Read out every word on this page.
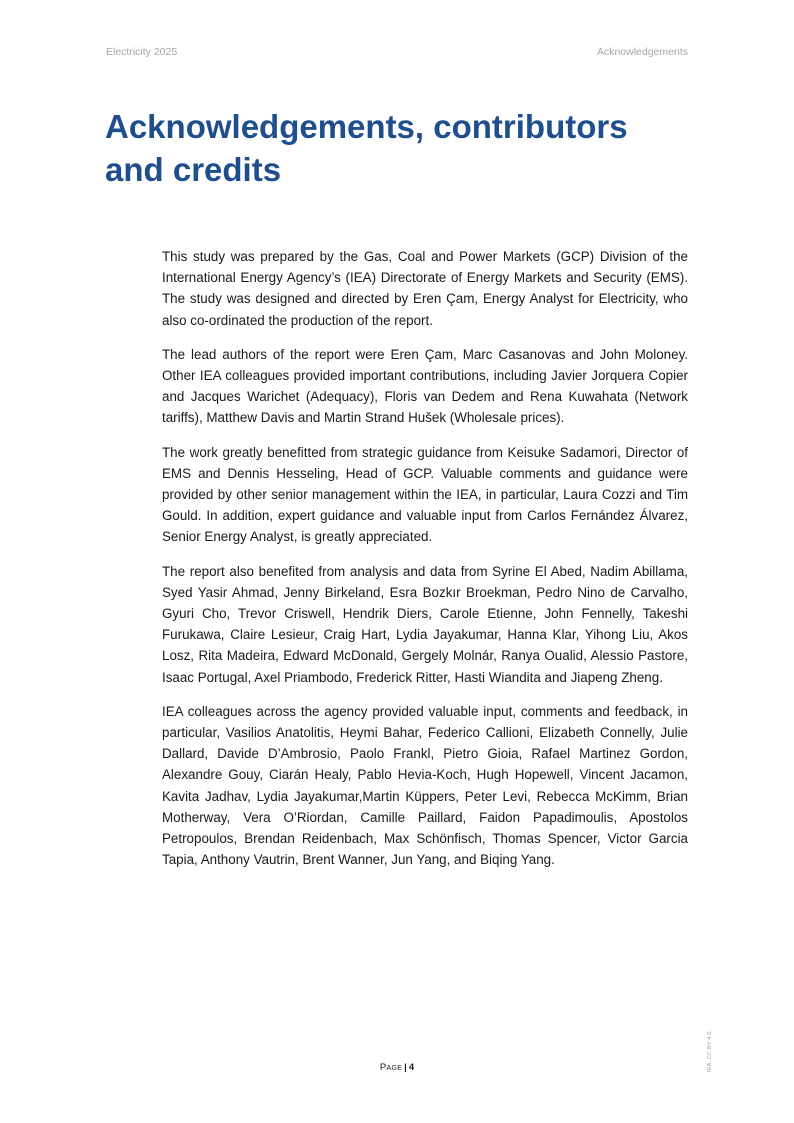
Electricity 2025	Acknowledgements
Acknowledgements, contributors
and credits

This study was prepared by the Gas, Coal and Power Markets (GCP) Division of the International Energy Agency’s (IEA) Directorate of Energy Markets and Security (EMS). The study was designed and directed by Eren Çam, Energy Analyst for Electricity, who also co-ordinated the production of the report.

The lead authors of the report were Eren Çam, Marc Casanovas and John Moloney. Other IEA colleagues provided important contributions, including Javier Jorquera Copier and Jacques Warichet (Adequacy), Floris van Dedem and Rena Kuwahata (Network tariffs), Matthew Davis and Martin Strand Hušek (Wholesale prices).

The work greatly benefitted from strategic guidance from Keisuke Sadamori, Director of EMS and Dennis Hesseling, Head of GCP. Valuable comments and guidance were provided by other senior management within the IEA, in particular, Laura Cozzi and Tim Gould. In addition, expert guidance and valuable input from Carlos Fernández Álvarez, Senior Energy Analyst, is greatly appreciated.

The report also benefited from analysis and data from Syrine El Abed, Nadim Abillama, Syed Yasir Ahmad, Jenny Birkeland, Esra Bozkır Broekman, Pedro Nino de Carvalho, Gyuri Cho, Trevor Criswell, Hendrik Diers, Carole Etienne, John Fennelly, Takeshi Furukawa, Claire Lesieur, Craig Hart, Lydia Jayakumar, Hanna Klar, Yihong Liu, Akos Losz, Rita Madeira, Edward McDonald, Gergely Molnár, Ranya Oualid, Alessio Pastore, Isaac Portugal, Axel Priambodo, Frederick Ritter, Hasti Wiandita and Jiapeng Zheng.

IEA colleagues across the agency provided valuable input, comments and feedback, in particular, Vasilios Anatolitis, Heymi Bahar, Federico Callioni, Elizabeth Connelly, Julie Dallard, Davide D’Ambrosio, Paolo Frankl, Pietro Gioia, Rafael Martinez Gordon, Alexandre Gouy, Ciarán Healy, Pablo Hevia-Koch, Hugh Hopewell, Vincent Jacamon, Kavita Jadhav, Lydia Jayakumar,Martin Küppers, Peter Levi, Rebecca McKimm, Brian Motherway, Vera O’Riordan, Camille Paillard, Faidon Papadimoulis, Apostolos Petropoulos, Brendan Reidenbach, Max Schönfisch, Thomas Spencer, Victor Garcia Tapia, Anthony Vautrin, Brent Wanner, Jun Yang, and Biqing Yang.

Page | 4	IEA. CC BY 4.0.
